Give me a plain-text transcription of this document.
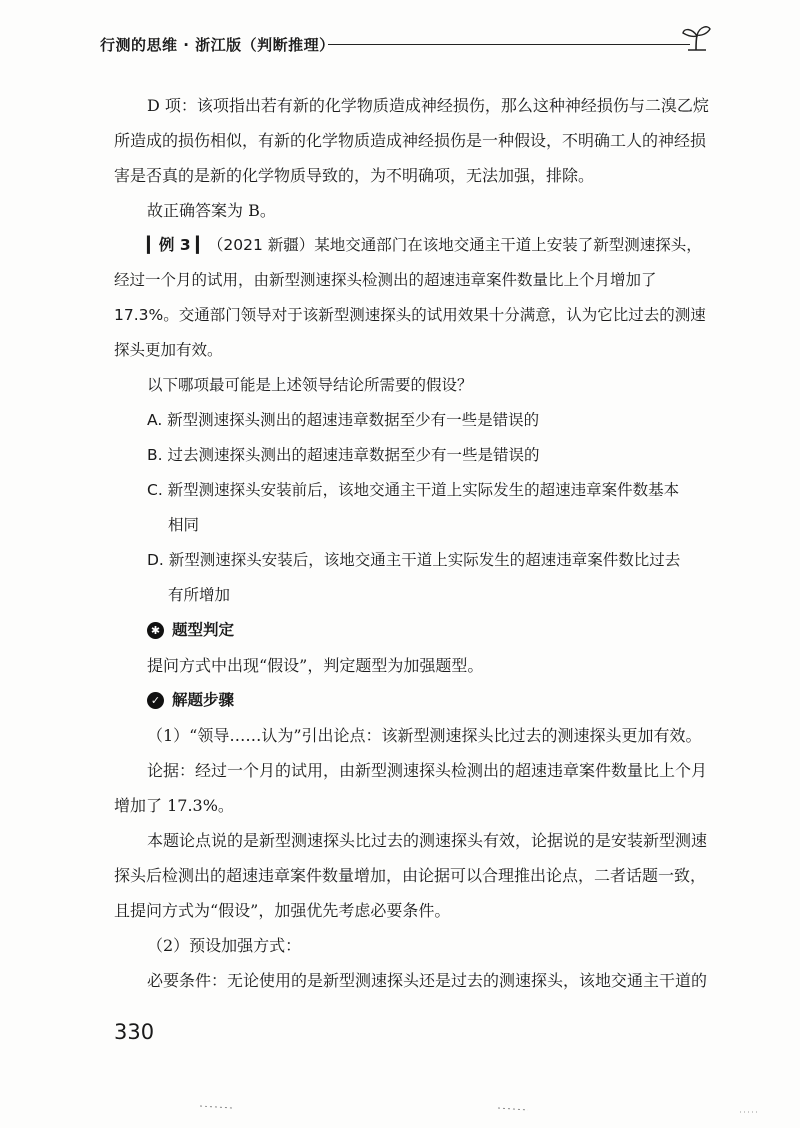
行测的思维 · 浙江版（判断推理）

D 项：该项指出若有新的化学物质造成神经损伤，那么这种神经损伤与二溴乙烷所造成的损伤相似，有新的化学物质造成神经损伤是一种假设，不明确工人的神经损害是否真的是新的化学物质导致的，为不明确项，无法加强，排除。

故正确答案为 B。

▎例 3 ▎（2021 新疆）某地交通部门在该地交通主干道上安装了新型测速探头，经过一个月的试用，由新型测速探头检测出的超速违章案件数量比上个月增加了17.3%。交通部门领导对于该新型测速探头的试用效果十分满意，认为它比过去的测速探头更加有效。

以下哪项最可能是上述领导结论所需要的假设？

A. 新型测速探头测出的超速违章数据至少有一些是错误的

B. 过去测速探头测出的超速违章数据至少有一些是错误的

C. 新型测速探头安装前后，该地交通主干道上实际发生的超速违章案件数基本

相同

D. 新型测速探头安装后，该地交通主干道上实际发生的超速违章案件数比过去

有所增加

✱ 题型判定

提问方式中出现“假设”，判定题型为加强题型。

✓ 解题步骤

（1）“领导……认为”引出论点：该新型测速探头比过去的测速探头更加有效。

论据：经过一个月的试用，由新型测速探头检测出的超速违章案件数量比上个月增加了 17.3%。

本题论点说的是新型测速探头比过去的测速探头有效，论据说的是安装新型测速探头后检测出的超速违章案件数量增加，由论据可以合理推出论点，二者话题一致，且提问方式为“假设”，加强优先考虑必要条件。

（2）预设加强方式：

必要条件：无论使用的是新型测速探头还是过去的测速探头，该地交通主干道的

330
